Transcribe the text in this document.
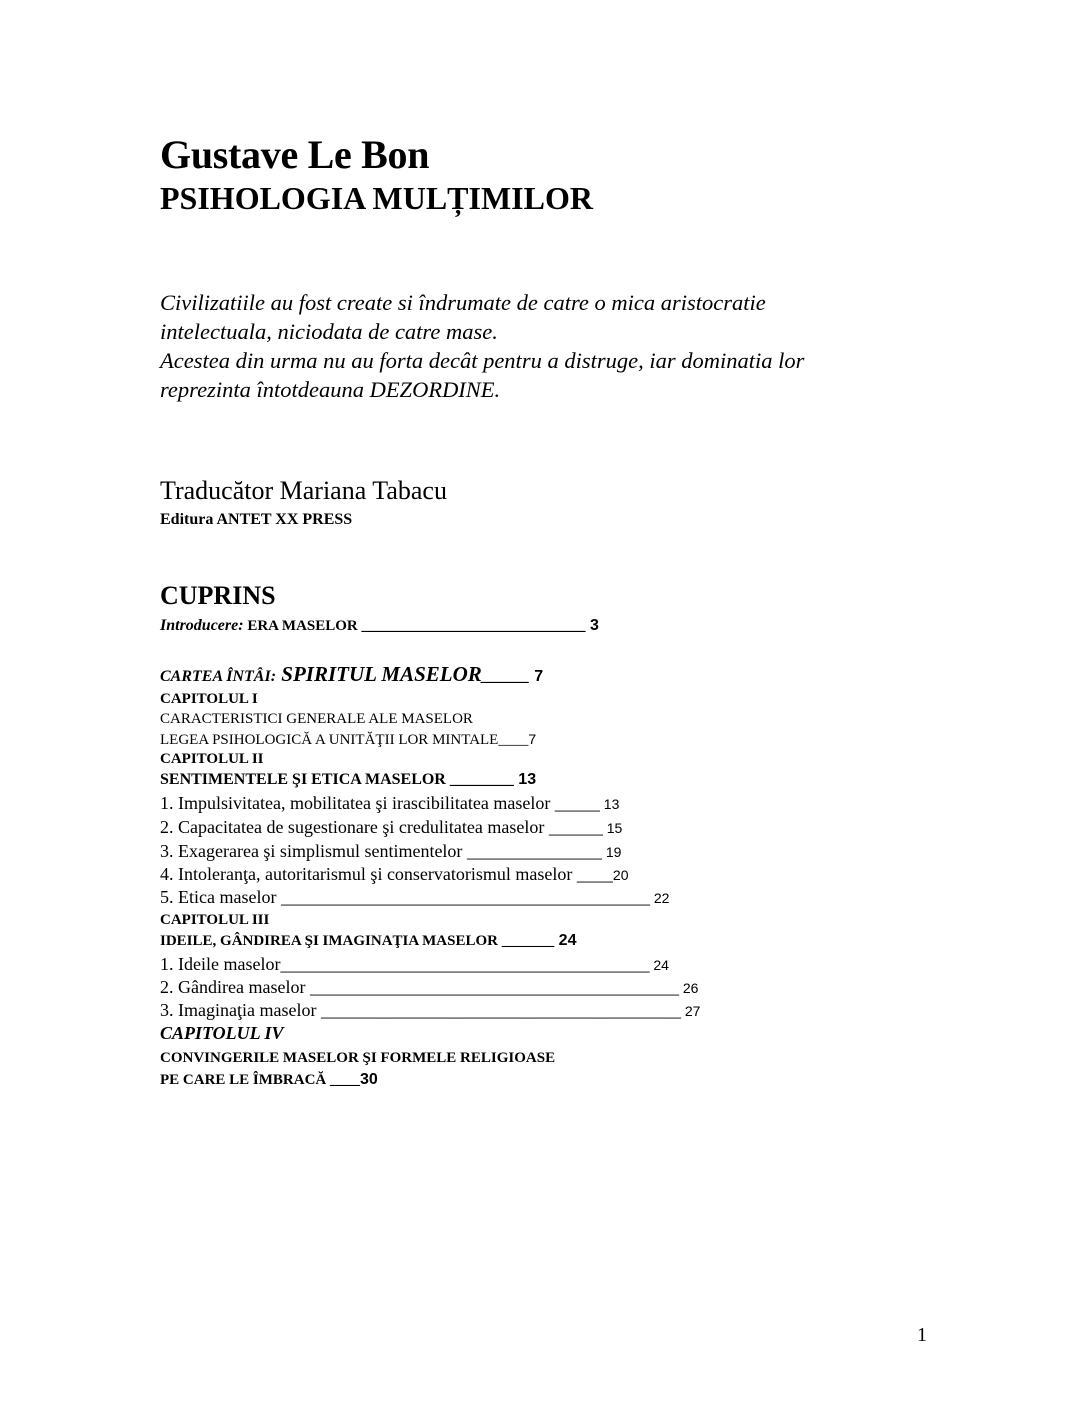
Gustave Le Bon
PSIHOLOGIA MULȚIMILOR
Civilizatiile au fost create si îndrumate de catre o mica aristocratie
intelectuala, niciodata de catre mase.
Acestea din urma nu au forta decât pentru a distruge, iar dominatia lor
reprezinta întotdeauna DEZORDINE.
Traducător Mariana Tabacu
Editura ANTET XX PRESS
CUPRINS
Introducere: ERA MASELOR ____________________________ 3
CARTEA ÎNTÂI: SPIRITUL MASELOR______ 7
CAPITOLUL I
CARACTERISTICI GENERALE ALE MASELOR
LEGEA PSIHOLOGICĂ A UNITĂŢII LOR MINTALE____7
CAPITOLUL II
SENTIMENTELE ŞI ETICA MASELOR ________ 13
1. Impulsivitatea, mobilitatea şi irascibilitatea maselor _____ 13
2. Capacitatea de sugestionare şi credulitatea maselor ______ 15
3. Exagerarea şi simplismul sentimentelor _______________ 19
4. Intoleranţa, autoritarismul şi conservatorismul maselor ____20
5. Etica maselor _________________________________________ 22
CAPITOLUL III
IDEILE, GÂNDIREA ŞI IMAGINAŢIA MASELOR _______ 24
1. Ideile maselor_________________________________________ 24
2. Gândirea maselor _________________________________________ 26
3. Imaginaţia maselor ________________________________________ 27
CAPITOLUL IV
CONVINGERILE MASELOR ŞI FORMELE RELIGIOASE
PE CARE LE ÎMBRACĂ ____30
1
